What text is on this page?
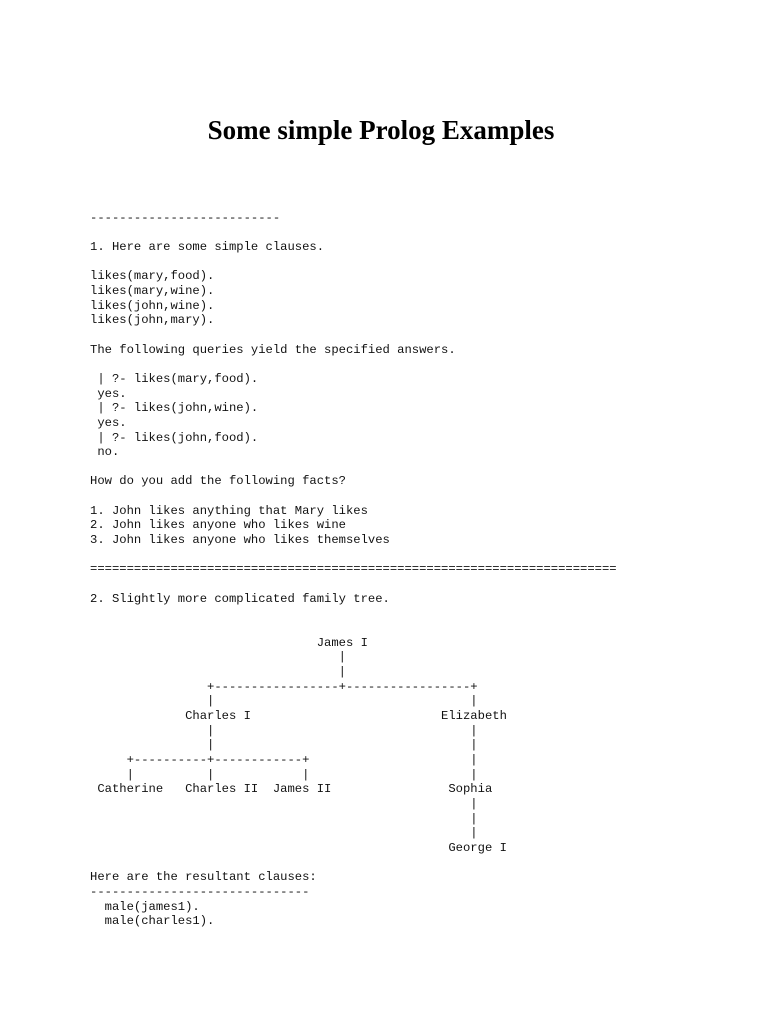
Some simple Prolog Examples

--------------------------

1. Here are some simple clauses.

likes(mary,food).
likes(mary,wine).
likes(john,wine).
likes(john,mary).

The following queries yield the specified answers.

| ?- likes(mary,food).
yes.
| ?- likes(john,wine).
yes.
| ?- likes(john,food).
no.

How do you add the following facts?

1. John likes anything that Mary likes
2. John likes anyone who likes wine
3. John likes anyone who likes themselves

========================================================================

2. Slightly more complicated family tree.

James I
|
|
+-----------------+-----------------+
|                                   |
Charles I                          Elizabeth
|                                   |
|                                   |
+----------+------------+                      |
|          |            |                      |
Catherine   Charles II  James II                Sophia
|
|
|
George I

Here are the resultant clauses:
------------------------------
male(james1).
male(charles1).
